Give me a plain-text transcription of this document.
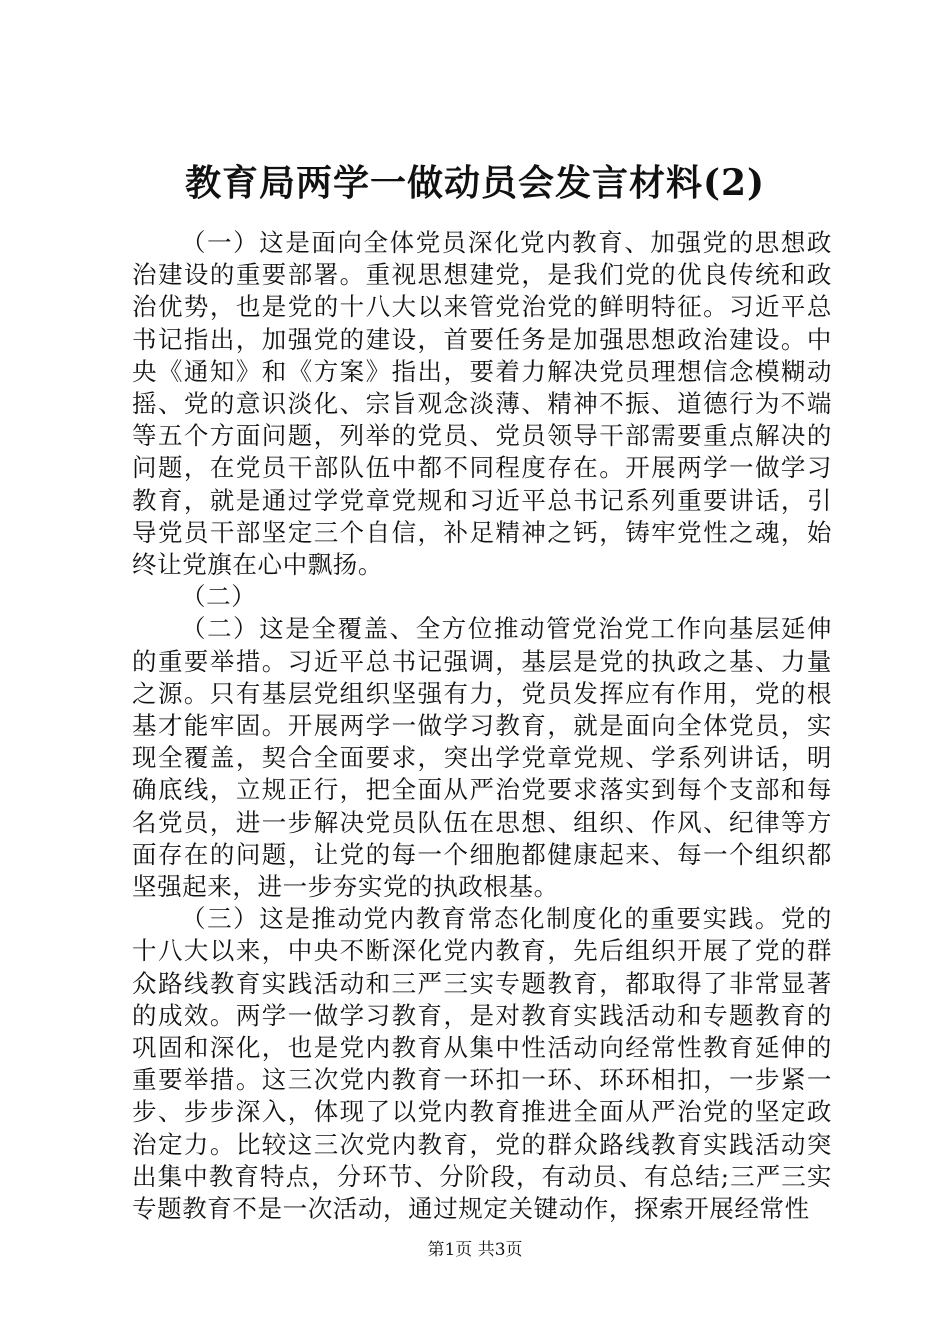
教育局两学一做动员会发言材料(2)

（一）这是面向全体党员深化党内教育、加强党的思想政治建设的重要部署。重视思想建党，是我们党的优良传统和政治优势，也是党的十八大以来管党治党的鲜明特征。习近平总书记指出，加强党的建设，首要任务是加强思想政治建设。中央《通知》和《方案》指出，要着力解决党员理想信念模糊动摇、党的意识淡化、宗旨观念淡薄、精神不振、道德行为不端等五个方面问题，列举的党员、党员领导干部需要重点解决的问题，在党员干部队伍中都不同程度存在。开展两学一做学习教育，就是通过学党章党规和习近平总书记系列重要讲话，引导党员干部坚定三个自信，补足精神之钙，铸牢党性之魂，始终让党旗在心中飘扬。

（二）

（二）这是全覆盖、全方位推动管党治党工作向基层延伸的重要举措。习近平总书记强调，基层是党的执政之基、力量之源。只有基层党组织坚强有力，党员发挥应有作用，党的根基才能牢固。开展两学一做学习教育，就是面向全体党员，实现全覆盖，契合全面要求，突出学党章党规、学系列讲话，明确底线，立规正行，把全面从严治党要求落实到每个支部和每名党员，进一步解决党员队伍在思想、组织、作风、纪律等方面存在的问题，让党的每一个细胞都健康起来、每一个组织都坚强起来，进一步夯实党的执政根基。

（三）这是推动党内教育常态化制度化的重要实践。党的十八大以来，中央不断深化党内教育，先后组织开展了党的群众路线教育实践活动和三严三实专题教育，都取得了非常显著的成效。两学一做学习教育，是对教育实践活动和专题教育的巩固和深化，也是党内教育从集中性活动向经常性教育延伸的重要举措。这三次党内教育一环扣一环、环环相扣，一步紧一步、步步深入，体现了以党内教育推进全面从严治党的坚定政治定力。比较这三次党内教育，党的群众路线教育实践活动突出集中教育特点，分环节、分阶段，有动员、有总结;三严三实专题教育不是一次活动，通过规定关键动作，探索开展经常性

第1页 共3页
